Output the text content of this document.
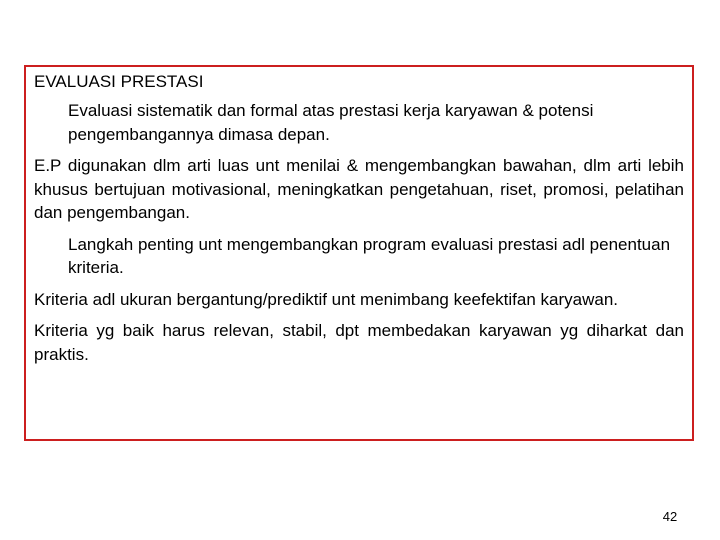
EVALUASI PRESTASI

Evaluasi sistematik dan formal atas prestasi kerja karyawan & potensi pengembangannya dimasa depan.

E.P digunakan dlm arti luas unt menilai & mengembangkan bawahan, dlm arti lebih khusus bertujuan motivasional, meningkatkan pengetahuan, riset, promosi, pelatihan dan pengembangan.

Langkah penting unt mengembangkan program evaluasi prestasi adl penentuan kriteria.

Kriteria adl ukuran bergantung/prediktif unt menimbang keefektifan karyawan.

Kriteria yg baik harus relevan, stabil, dpt membedakan karyawan yg diharkat dan praktis.

42
